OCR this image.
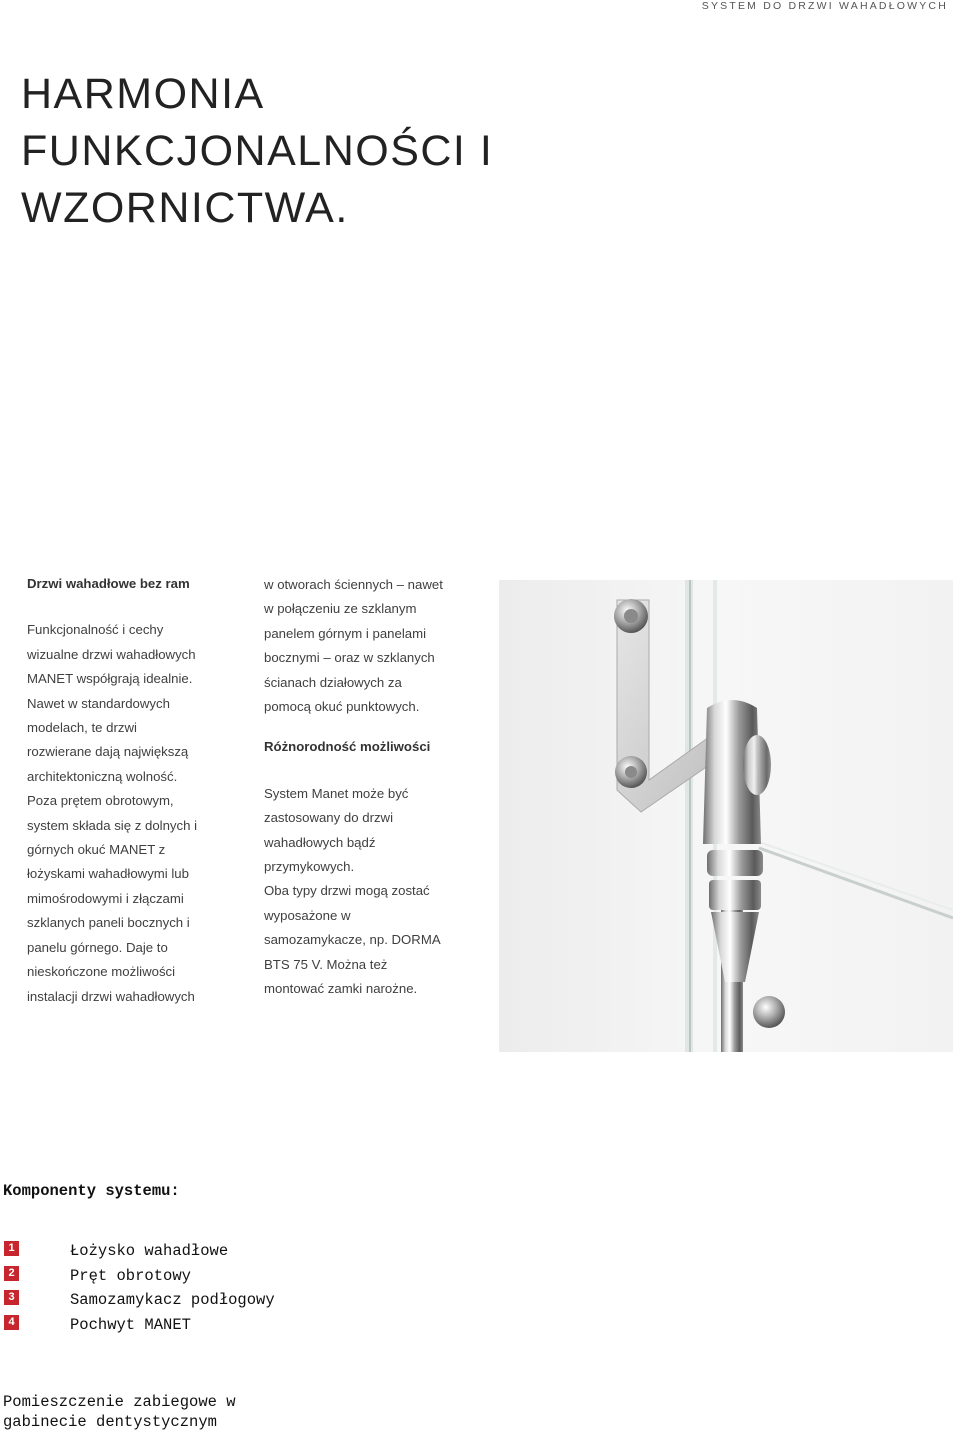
SYSTEM DO DRZWI WAHADŁOWYCH
HARMONIA
FUNKCJONALNOŚCI I
WZORNICTWA.
Drzwi wahadłowe bez ram
Funkcjonalność i cechy
wizualne drzwi wahadłowych
MANET współgrają idealnie.
Nawet w standardowych
modelach, te drzwi
rozwierane dają największą
architektoniczną wolność.
Poza prętem obrotowym,
system składa się z dolnych i
górnych okuć MANET z
łożyskami wahadłowymi lub
mimośrodowymi i złączami
szklanych paneli bocznych i
panelu górnego. Daje to
nieskończone możliwości
instalacji drzwi wahadłowych
w otworach ściennych – nawet
w połączeniu ze szklanym
panelem górnym i panelami
bocznymi – oraz w szklanych
ścianach działowych za
pomocą okuć punktowych.
Różnorodność możliwości
System Manet może być
zastosowany do drzwi
wahadłowych bądź
przymykowych.
Oba typy drzwi mogą zostać
wyposażone w
samozamykacze, np. DORMA
BTS 75 V. Można też
montować zamki narożne.
Komponenty systemu:
1	Łożysko wahadłowe
2	Pręt obrotowy
3	Samozamykacz podłogowy
4	Pochwyt MANET
Pomieszczenie zabiegowe w
gabinecie dentystycznym
